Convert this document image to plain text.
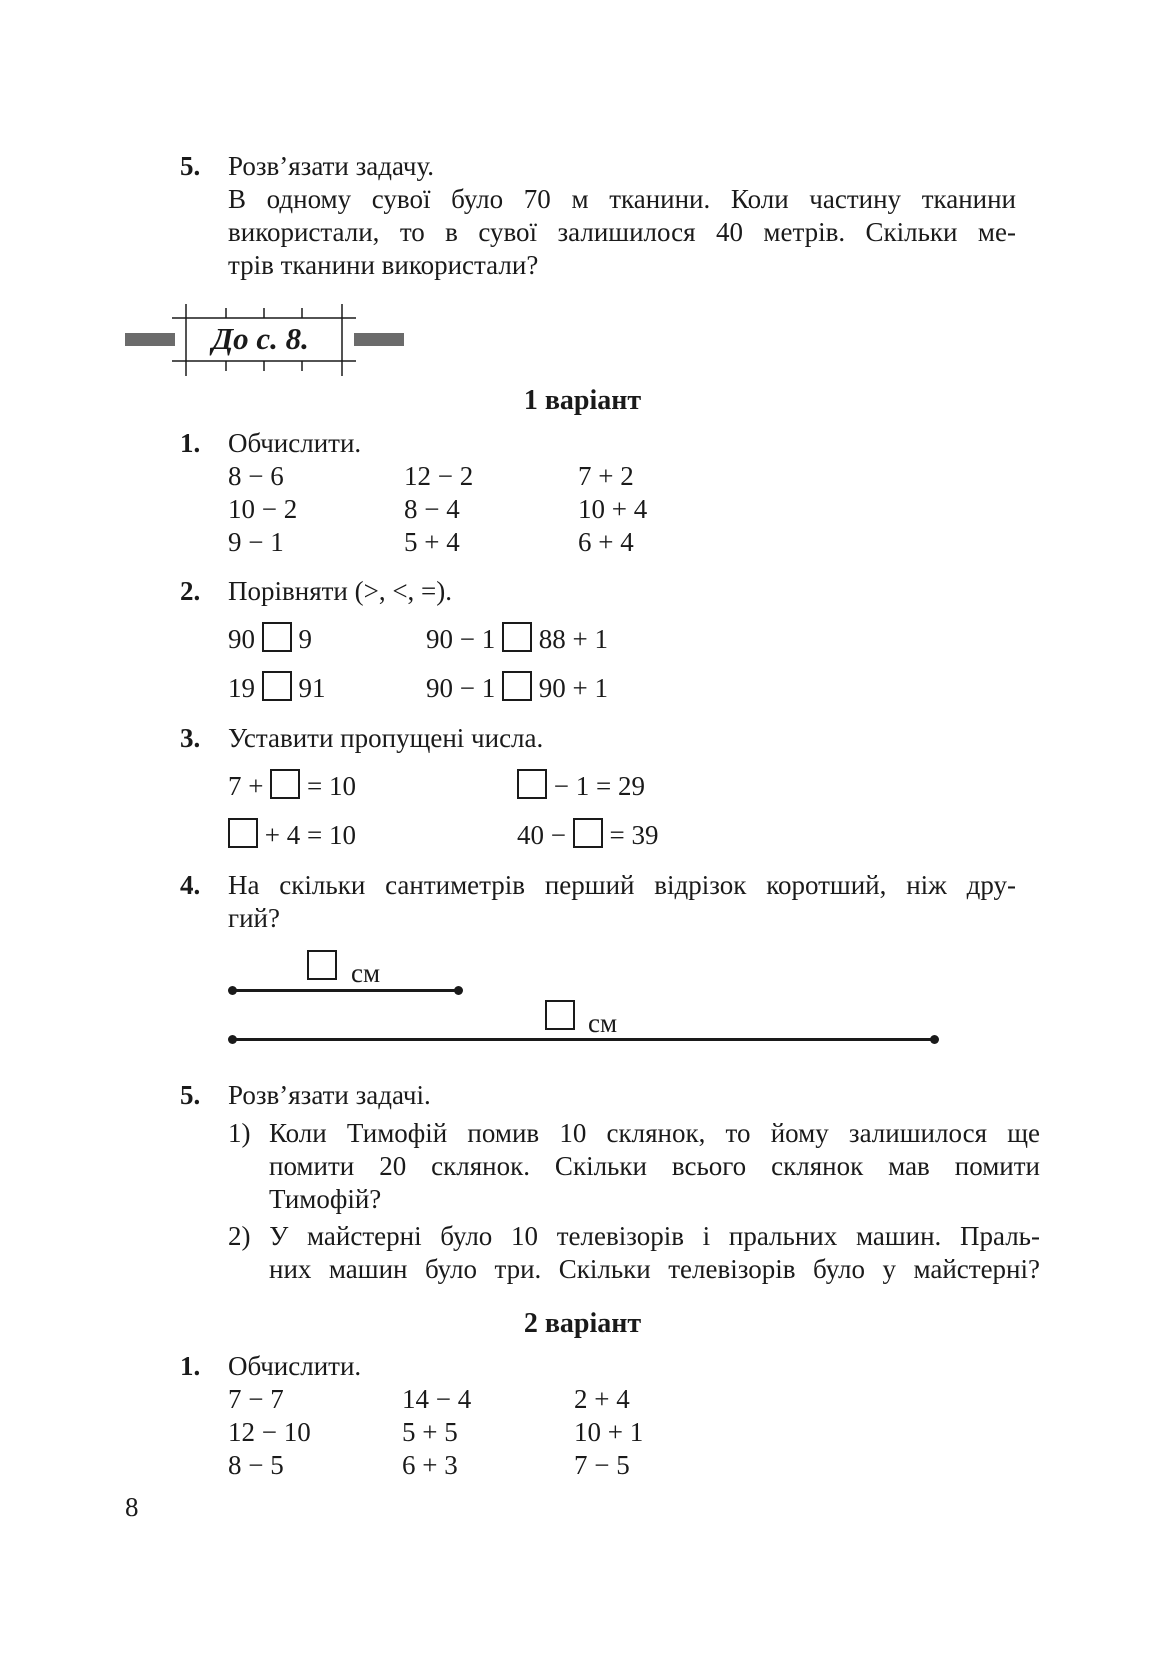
5. Розв’язати задачу.
В одному сувої було 70 м тканини. Коли частину тканини
використали, то в сувої залишилося 40 метрів. Скільки ме-
трів тканини використали?
До с. 8.
1 варіант
1. Обчислити.
8 − 6	12 − 2	7 + 2
10 − 2	8 − 4	10 + 4
9 − 1	5 + 4	6 + 4
2. Порівняти (>, <, =).
90 9	90 − 1 88 + 1
19 91	90 − 1 90 + 1
3. Уставити пропущені числа.
7 + = 10	− 1 = 29
+ 4 = 10	40 − = 39
4. На скільки сантиметрів перший відрізок коротший, ніж дру-
гий?
см
см
5. Розв’язати задачі.
1) Коли Тимофій помив 10 склянок, то йому залишилося ще
помити 20 склянок. Скільки всього склянок мав помити
Тимофій?
2) У майстерні було 10 телевізорів і пральних машин. Праль-
них машин було три. Скільки телевізорів було у майстерні?
2 варіант
1. Обчислити.
7 − 7	14 − 4	2 + 4
12 − 10	5 + 5	10 + 1
8 − 5	6 + 3	7 − 5
8
